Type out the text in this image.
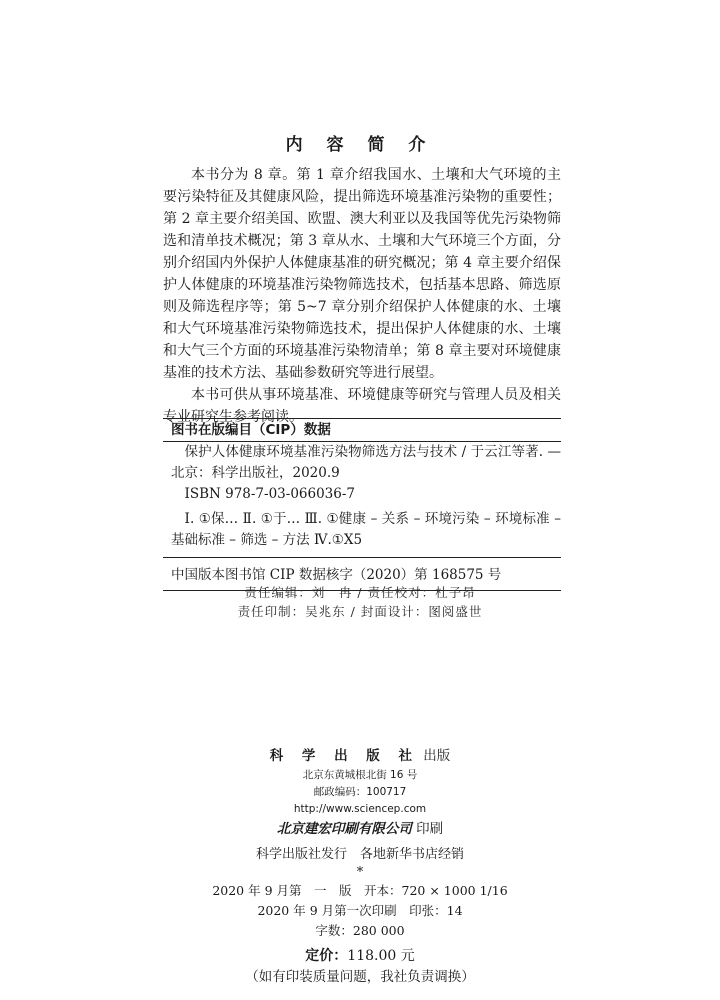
内 容 简 介

本书分为 8 章。第 1 章介绍我国水、土壤和大气环境的主要污染特征及其健康风险，提出筛选环境基准污染物的重要性；第 2 章主要介绍美国、欧盟、澳大利亚以及我国等优先污染物筛选和清单技术概况；第 3 章从水、土壤和大气环境三个方面，分别介绍国内外保护人体健康基准的研究概况；第 4 章主要介绍保护人体健康的环境基准污染物筛选技术，包括基本思路、筛选原则及筛选程序等；第 5~7 章分别介绍保护人体健康的水、土壤和大气环境基准污染物筛选技术，提出保护人体健康的水、土壤和大气三个方面的环境基准污染物清单；第 8 章主要对环境健康基准的技术方法、基础参数研究等进行展望。

本书可供从事环境基准、环境健康等研究与管理人员及相关专业研究生参考阅读。

图书在版编目（CIP）数据

保护人体健康环境基准污染物筛选方法与技术 / 于云江等著. —北京：科学出版社，2020.9

ISBN 978-7-03-066036-7

Ⅰ. ①保… Ⅱ. ①于… Ⅲ. ①健康 – 关系 – 环境污染 – 环境标准 – 基础标准 – 筛选 – 方法 Ⅳ.①X5

中国版本图书馆 CIP 数据核字（2020）第 168575 号
责任编辑：刘　冉 / 责任校对：杜子昂
责任印制：吴兆东 / 封面设计：图阅盛世
科 学 出 版 社 出版
北京东黄城根北街 16 号
邮政编码：100717
http://www.sciencep.com
北京建宏印刷有限公司 印刷
科学出版社发行　各地新华书店经销
*
2020 年 9 月第　一　版　开本：720 × 1000 1/16
2020 年 9 月第一次印刷　印张：14
字数：280 000
定价：118.00 元
（如有印装质量问题，我社负责调换）
